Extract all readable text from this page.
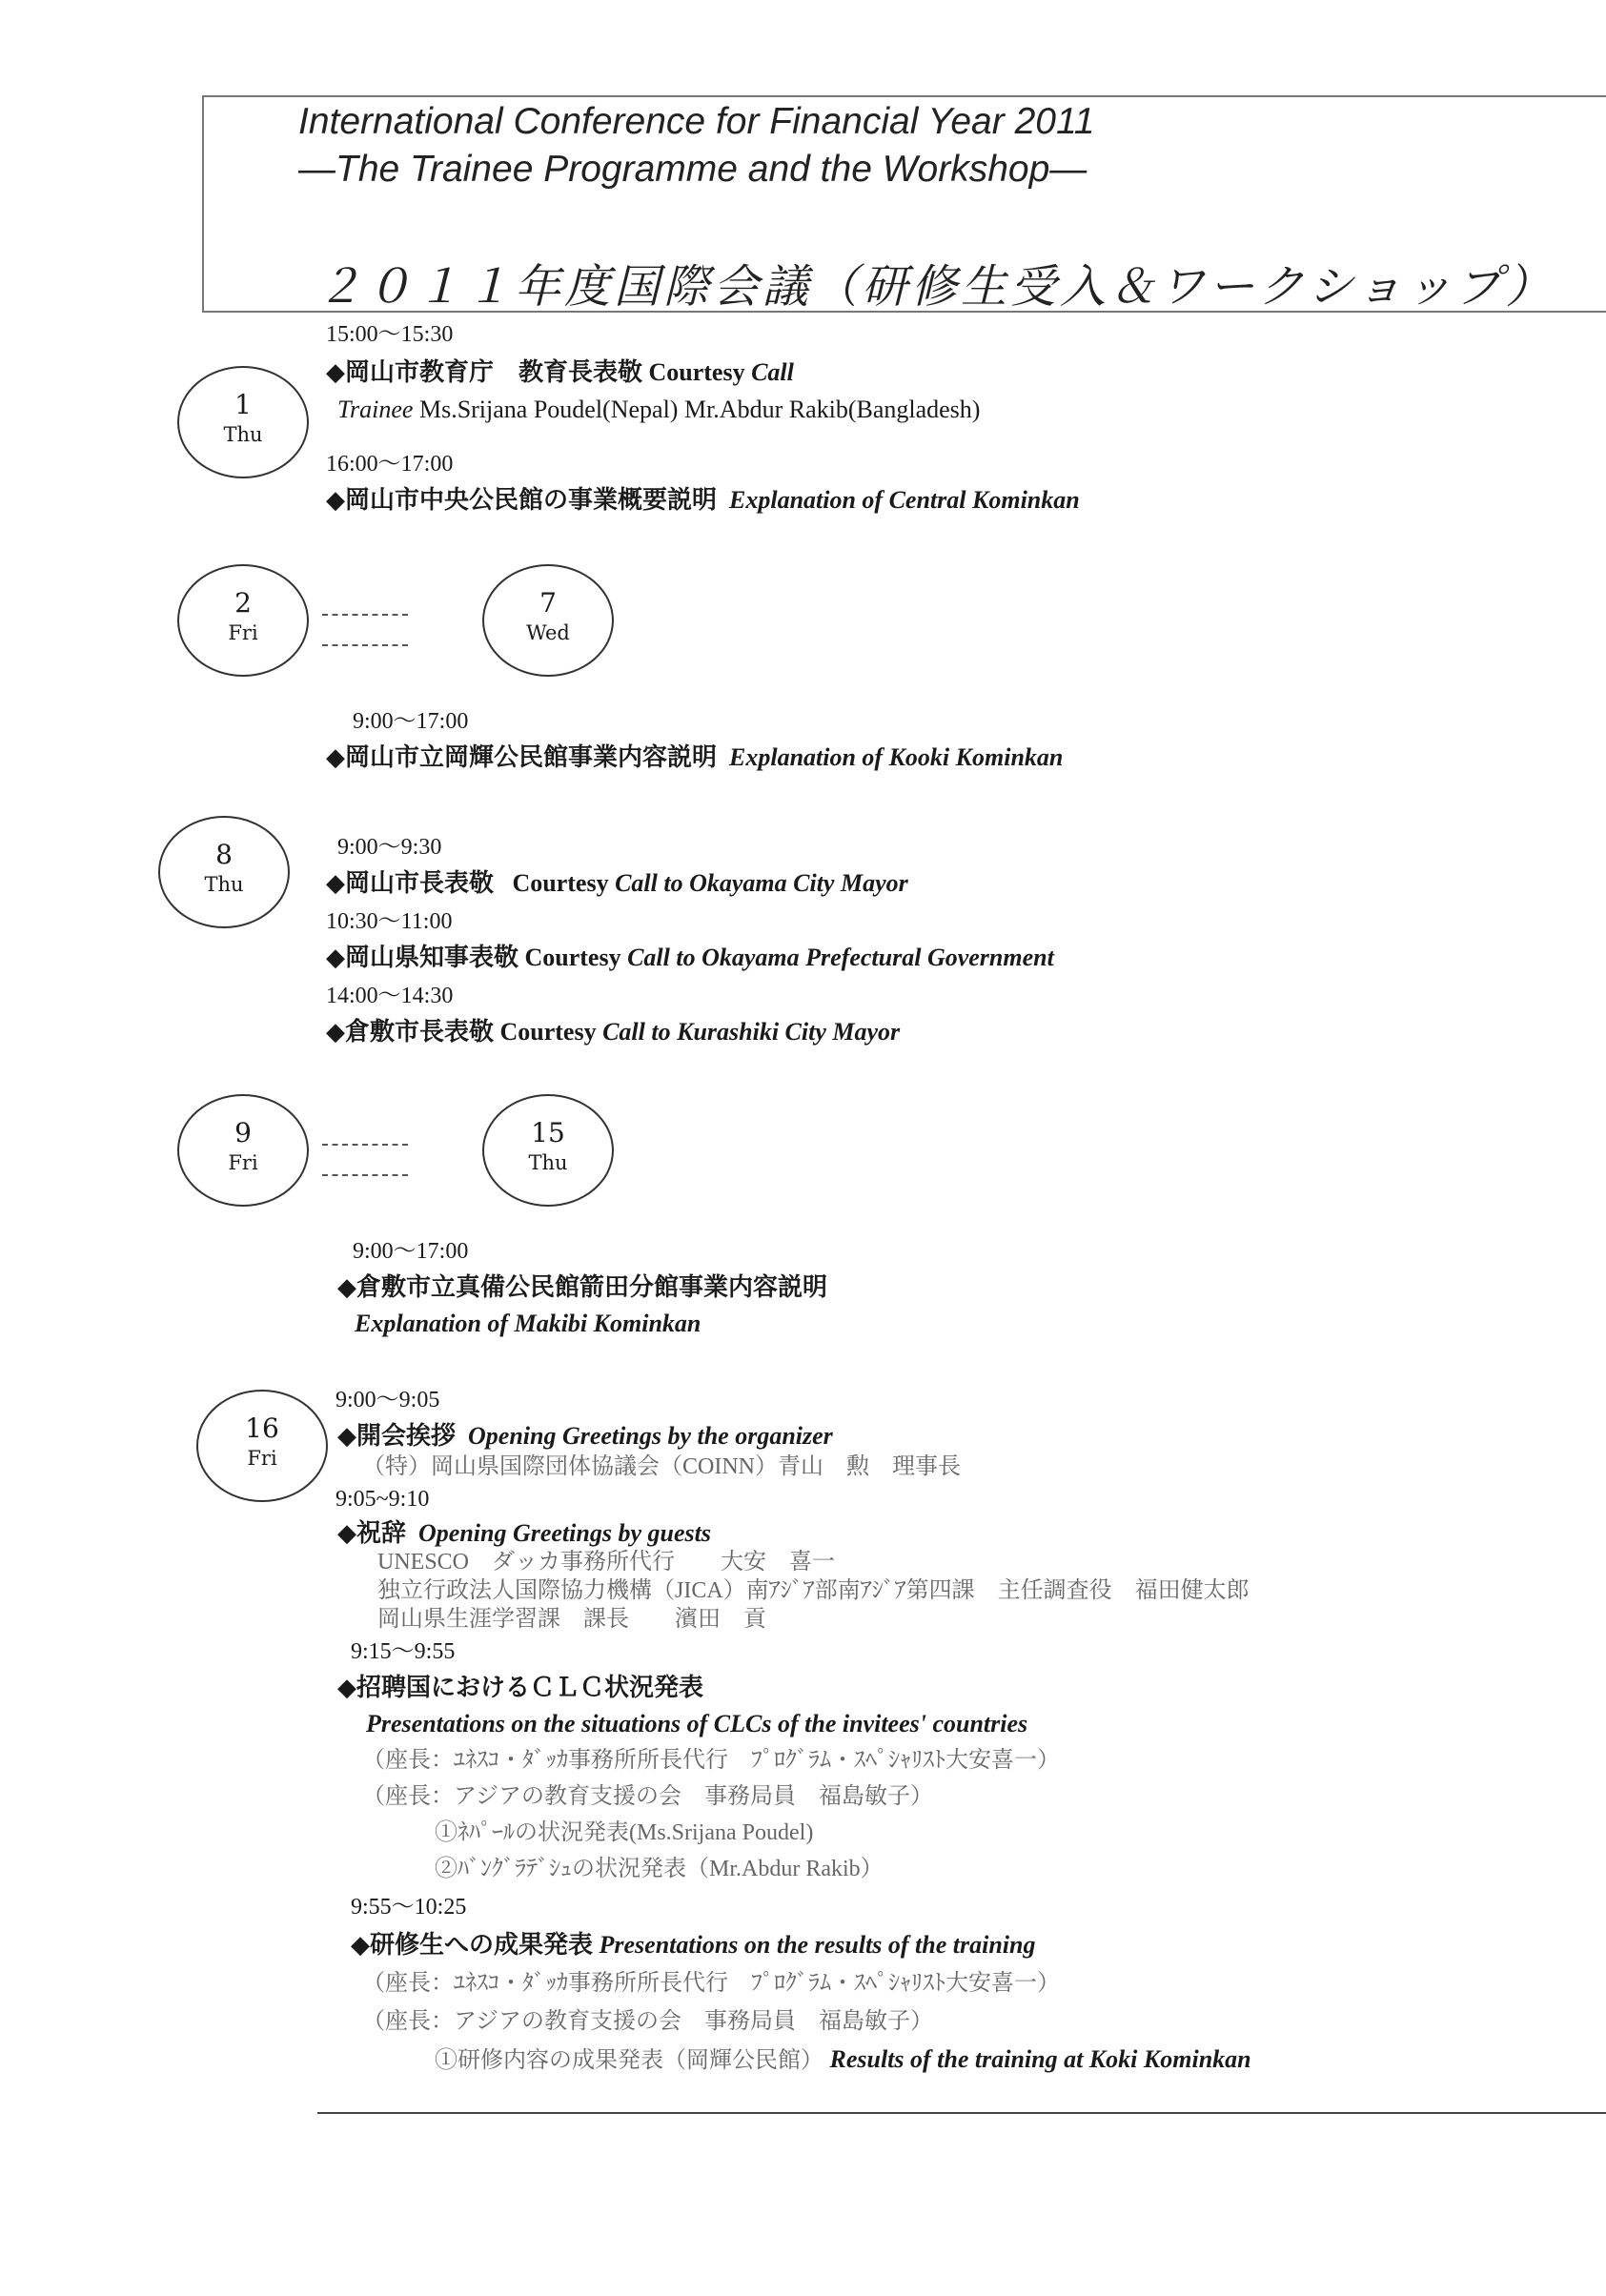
International Conference for Financial Year 2011
—The Trainee Programme and the Workshop—
２０１１年度国際会議（研修生受入＆ワークショップ）
1
Thu
15:00〜15:30
◆岡山市教育庁　教育長表敬 Courtesy Call
Trainee Ms.Srijana Poudel(Nepal) Mr.Abdur Rakib(Bangladesh)
16:00〜17:00
◆岡山市中央公民館の事業概要説明 Explanation of Central Kominkan
2
Fri
7
Wed
9:00〜17:00
◆岡山市立岡輝公民館事業内容説明 Explanation of Kooki Kominkan
8
Thu
9:00〜9:30
◆岡山市長表敬 Courtesy Call to Okayama City Mayor
10:30〜11:00
◆岡山県知事表敬 Courtesy Call to Okayama Prefectural Government
14:00〜14:30
◆倉敷市長表敬 Courtesy Call to Kurashiki City Mayor
9
Fri
15
Thu
9:00〜17:00
◆倉敷市立真備公民館箭田分館事業内容説明
Explanation of Makibi Kominkan
16
Fri
9:00〜9:05
◆開会挨拶 Opening Greetings by the organizer
（特）岡山県国際団体協議会（COINN）青山　勲　理事長
9:05~9:10
◆祝辞 Opening Greetings by guests
UNESCO　ダッカ事務所代行　　大安　喜一
独立行政法人国際協力機構（JICA）南ｱｼﾞｱ部南ｱｼﾞｱ第四課　主任調査役　福田健太郎
岡山県生涯学習課　課長　　濱田　貢
9:15〜9:55
◆招聘国におけるＣＬＣ状況発表
Presentations on the situations of CLCs of the invitees' countries
（座長：ﾕﾈｽｺ・ﾀﾞｯｶ事務所所長代行　ﾌﾟﾛｸﾞﾗﾑ・ｽﾍﾟｼｬﾘｽﾄ大安喜一）
（座長：アジアの教育支援の会　事務局員　福島敏子）
①ﾈﾊﾟｰﾙの状況発表(Ms.Srijana Poudel)
②ﾊﾞﾝｸﾞﾗﾃﾞｼｭの状況発表（Mr.Abdur Rakib）
9:55〜10:25
◆研修生への成果発表 Presentations on the results of the training
（座長：ﾕﾈｽｺ・ﾀﾞｯｶ事務所所長代行　ﾌﾟﾛｸﾞﾗﾑ・ｽﾍﾟｼｬﾘｽﾄ大安喜一）
（座長：アジアの教育支援の会　事務局員　福島敏子）
①研修内容の成果発表（岡輝公民館） Results of the training at Koki Kominkan
